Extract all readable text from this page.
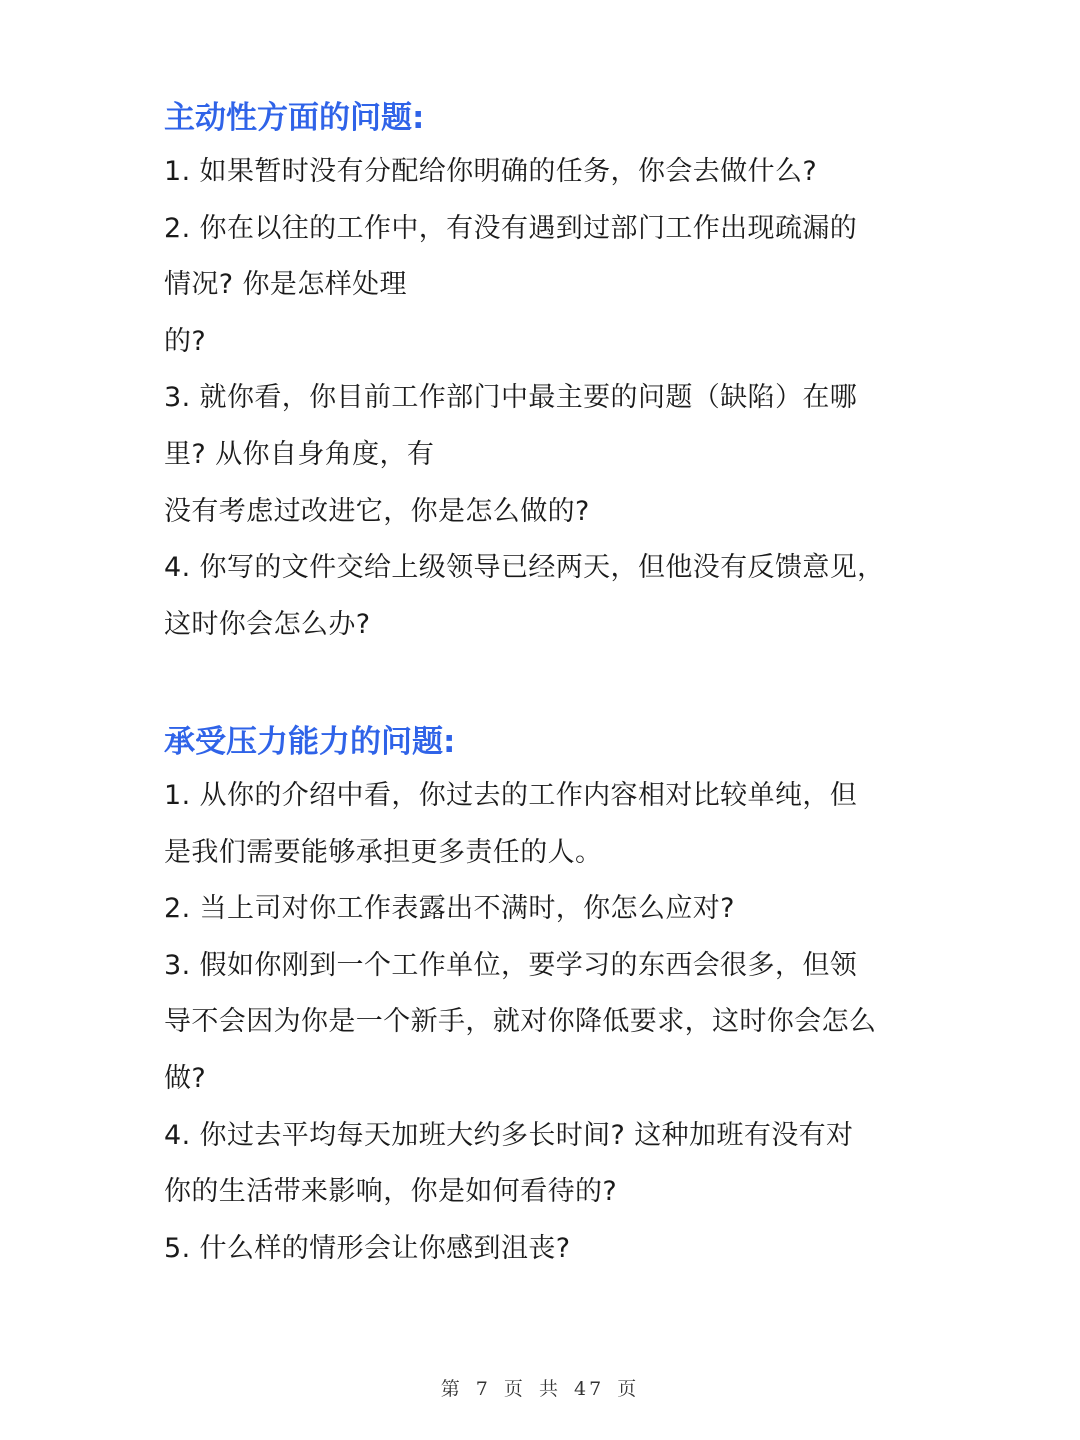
主动性方面的问题:

1. 如果暂时没有分配给你明确的任务，你会去做什么?

2. 你在以往的工作中，有没有遇到过部门工作出现疏漏的

情况? 你是怎样处理

的?

3. 就你看，你目前工作部门中最主要的问题（缺陷）在哪

里? 从你自身角度，有

没有考虑过改进它，你是怎么做的?

4. 你写的文件交给上级领导已经两天，但他没有反馈意见，

这时你会怎么办?

承受压力能力的问题:

1. 从你的介绍中看，你过去的工作内容相对比较单纯，但

是我们需要能够承担更多责任的人。

2. 当上司对你工作表露出不满时，你怎么应对?

3. 假如你刚到一个工作单位，要学习的东西会很多，但领

导不会因为你是一个新手，就对你降低要求，这时你会怎么

做?

4. 你过去平均每天加班大约多长时间? 这种加班有没有对

你的生活带来影响，你是如何看待的?

5. 什么样的情形会让你感到沮丧?

第 7 页 共 47 页
